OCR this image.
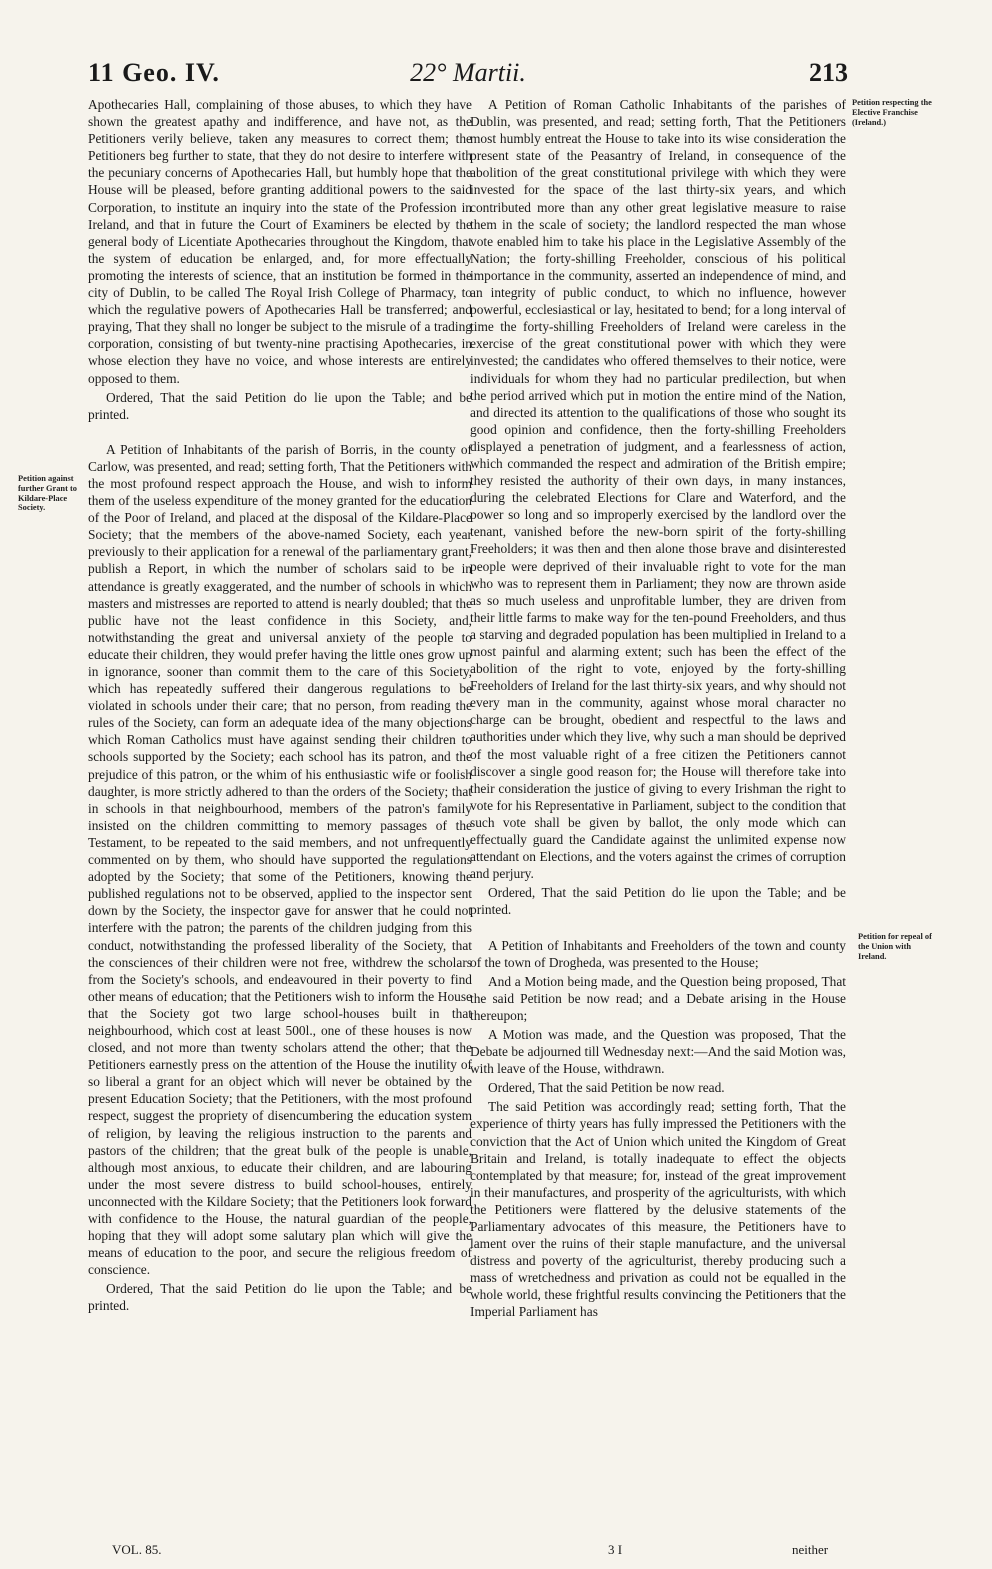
11 Geo. IV.	22° Martii.	213

Apothecaries Hall, complaining of those abuses, to which they have shown the greatest apathy and indifference, and have not, as the Petitioners verily believe, taken any measures to correct them; the Petitioners beg further to state, that they do not desire to interfere with the pecuniary concerns of Apothecaries Hall, but humbly hope that the House will be pleased, before granting additional powers to the said Corporation, to institute an inquiry into the state of the Profession in Ireland, and that in future the Court of Examiners be elected by the general body of Licentiate Apothecaries throughout the Kingdom, that the system of education be enlarged, and, for more effectually promoting the interests of science, that an institution be formed in the city of Dublin, to be called The Royal Irish College of Pharmacy, to which the regulative powers of Apothecaries Hall be transferred; and praying, That they shall no longer be subject to the misrule of a trading corporation, consisting of but twenty-nine practising Apothecaries, in whose election they have no voice, and whose interests are entirely opposed to them.

Ordered, That the said Petition do lie upon the Table; and be printed.

A Petition of Inhabitants of the parish of Borris, in the county of Carlow, was presented, and read; setting forth, That the Petitioners with the most profound respect approach the House, and wish to inform them of the useless expenditure of the money granted for the education of the Poor of Ireland, and placed at the disposal of the Kildare-Place Society; that the members of the above-named Society, each year previously to their application for a renewal of the parliamentary grant, publish a Report, in which the number of scholars said to be in attendance is greatly exaggerated, and the number of schools in which masters and mistresses are reported to attend is nearly doubled; that the public have not the least confidence in this Society, and, notwithstanding the great and universal anxiety of the people to educate their children, they would prefer having the little ones grow up in ignorance, sooner than commit them to the care of this Society, which has repeatedly suffered their dangerous regulations to be violated in schools under their care; that no person, from reading the rules of the Society, can form an adequate idea of the many objections which Roman Catholics must have against sending their children to schools supported by the Society; each school has its patron, and the prejudice of this patron, or the whim of his enthusiastic wife or foolish daughter, is more strictly adhered to than the orders of the Society; that in schools in that neighbourhood, members of the patron's family insisted on the children committing to memory passages of the Testament, to be repeated to the said members, and not unfrequently commented on by them, who should have supported the regulations adopted by the Society; that some of the Petitioners, knowing the published regulations not to be observed, applied to the inspector sent down by the Society, the inspector gave for answer that he could not interfere with the patron; the parents of the children judging from this conduct, notwithstanding the professed liberality of the Society, that the consciences of their children were not free, withdrew the scholars from the Society's schools, and endeavoured in their poverty to find other means of education; that the Petitioners wish to inform the House that the Society got two large school-houses built in that neighbourhood, which cost at least 500l., one of these houses is now closed, and not more than twenty scholars attend the other; that the Petitioners earnestly press on the attention of the House the inutility of so liberal a grant for an object which will never be obtained by the present Education Society; that the Petitioners, with the most profound respect, suggest the propriety of disencumbering the education system of religion, by leaving the religious instruction to the parents and pastors of the children; that the great bulk of the people is unable, although most anxious, to educate their children, and are labouring under the most severe distress to build school-houses, entirely unconnected with the Kildare Society; that the Petitioners look forward with confidence to the House, the natural guardian of the people, hoping that they will adopt some salutary plan which will give the means of education to the poor, and secure the religious freedom of conscience.

Ordered, That the said Petition do lie upon the Table; and be printed.

A Petition of Roman Catholic Inhabitants of the parishes of Dublin, was presented, and read; setting forth, That the Petitioners most humbly entreat the House to take into its wise consideration the present state of the Peasantry of Ireland, in consequence of the abolition of the great constitutional privilege with which they were invested for the space of the last thirty-six years, and which contributed more than any other great legislative measure to raise them in the scale of society; the landlord respected the man whose vote enabled him to take his place in the Legislative Assembly of the Nation; the forty-shilling Freeholder, conscious of his political importance in the community, asserted an independence of mind, and an integrity of public conduct, to which no influence, however powerful, ecclesiastical or lay, hesitated to bend; for a long interval of time the forty-shilling Freeholders of Ireland were careless in the exercise of the great constitutional power with which they were invested; the candidates who offered themselves to their notice, were individuals for whom they had no particular predilection, but when the period arrived which put in motion the entire mind of the Nation, and directed its attention to the qualifications of those who sought its good opinion and confidence, then the forty-shilling Freeholders displayed a penetration of judgment, and a fearlessness of action, which commanded the respect and admiration of the British empire; they resisted the authority of their own days, in many instances, during the celebrated Elections for Clare and Waterford, and the power so long and so improperly exercised by the landlord over the tenant, vanished before the new-born spirit of the forty-shilling Freeholders; it was then and then alone those brave and disinterested people were deprived of their invaluable right to vote for the man who was to represent them in Parliament; they now are thrown aside as so much useless and unprofitable lumber, they are driven from their little farms to make way for the ten-pound Freeholders, and thus a starving and degraded population has been multiplied in Ireland to a most painful and alarming extent; such has been the effect of the abolition of the right to vote, enjoyed by the forty-shilling Freeholders of Ireland for the last thirty-six years, and why should not every man in the community, against whose moral character no charge can be brought, obedient and respectful to the laws and authorities under which they live, why such a man should be deprived of the most valuable right of a free citizen the Petitioners cannot discover a single good reason for; the House will therefore take into their consideration the justice of giving to every Irishman the right to vote for his Representative in Parliament, subject to the condition that such vote shall be given by ballot, the only mode which can effectually guard the Candidate against the unlimited expense now attendant on Elections, and the voters against the crimes of corruption and perjury.

Ordered, That the said Petition do lie upon the Table; and be printed.

A Petition of Inhabitants and Freeholders of the town and county of the town of Drogheda, was presented to the House;

And a Motion being made, and the Question being proposed, That the said Petition be now read; and a Debate arising in the House thereupon;

A Motion was made, and the Question was proposed, That the Debate be adjourned till Wednesday next:—And the said Motion was, with leave of the House, withdrawn.

Ordered, That the said Petition be now read.

The said Petition was accordingly read; setting forth, That the experience of thirty years has fully impressed the Petitioners with the conviction that the Act of Union which united the Kingdom of Great Britain and Ireland, is totally inadequate to effect the objects contemplated by that measure; for, instead of the great improvement in their manufactures, and prosperity of the agriculturists, with which the Petitioners were flattered by the delusive statements of the Parliamentary advocates of this measure, the Petitioners have to lament over the ruins of their staple manufacture, and the universal distress and poverty of the agriculturist, thereby producing such a mass of wretchedness and privation as could not be equalled in the whole world, these frightful results convincing the Petitioners that the Imperial Parliament has

Petition against further Grant to Kildare-Place Society.
Petition respecting the Elective Franchise (Ireland.)
Petition for repeal of the Union with Ireland.
VOL. 85.	3 I	neither
